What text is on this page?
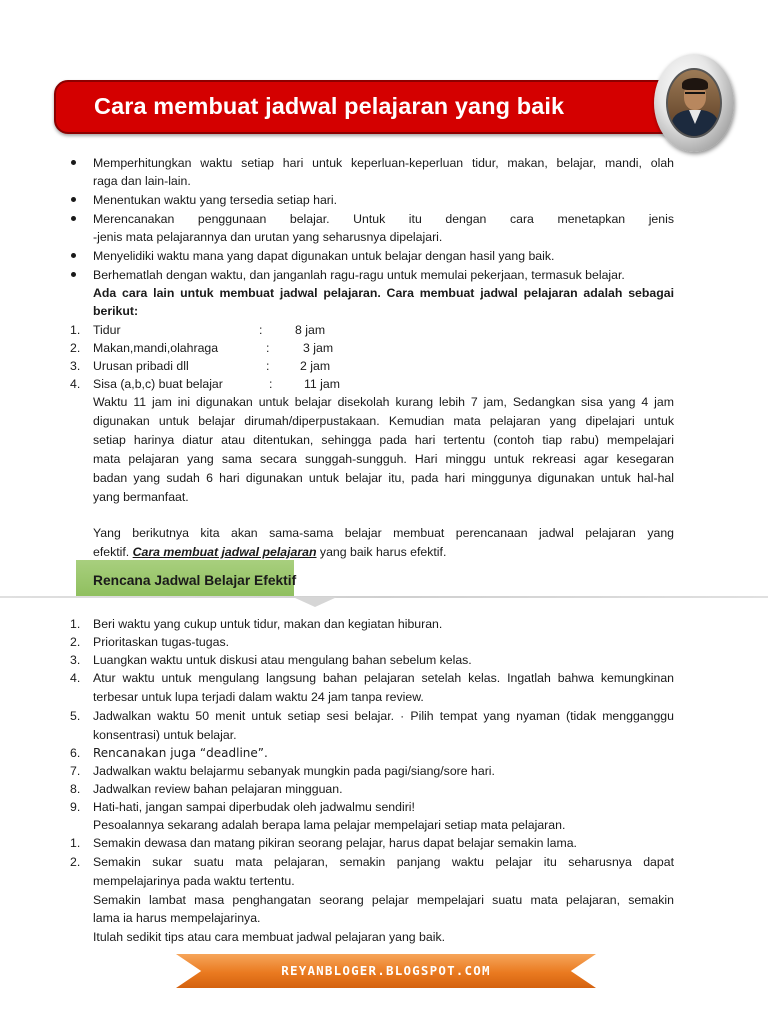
Cara membuat jadwal pelajaran yang baik
Memperhitungkan waktu setiap hari untuk keperluan-keperluan tidur, makan, belajar, mandi, olah
raga dan lain-lain.
Menentukan waktu yang tersedia setiap hari.
Merencanakan penggunaan belajar. Untuk itu dengan cara menetapkan jenis
-jenis mata pelajarannya dan urutan yang seharusnya dipelajari.
Menyelidiki waktu mana yang dapat digunakan untuk belajar dengan hasil yang baik.
Berhematlah dengan waktu, dan janganlah ragu-ragu untuk memulai pekerjaan, termasuk belajar.
Ada cara lain untuk membuat jadwal pelajaran. Cara membuat jadwal pelajaran adalah sebagai
berikut:
1. Tidur	:	8 jam
2. Makan,mandi,olahraga	:	3 jam
3. Urusan pribadi dll	: 2 jam
4. Sisa (a,b,c) buat belajar	:	11 jam
Waktu 11 jam ini digunakan untuk belajar disekolah kurang lebih 7 jam, Sedangkan sisa yang 4 jam
digunakan untuk belajar dirumah/diperpustakaan. Kemudian mata pelajaran yang dipelajari untuk
setiap harinya diatur atau ditentukan, sehingga pada hari tertentu (contoh tiap rabu) mempelajari
mata pelajaran yang sama secara sunggah-sungguh. Hari minggu untuk rekreasi agar kesegaran
badan yang sudah 6 hari digunakan untuk belajar itu, pada hari minggunya digunakan untuk hal-hal
yang bermanfaat.
Yang berikutnya kita akan sama-sama belajar membuat perencanaan jadwal pelajaran yang
efektif. Cara membuat jadwal pelajaran yang baik harus efektif.
Rencana Jadwal Belajar Efektif
1. Beri waktu yang cukup untuk tidur, makan dan kegiatan hiburan.
2. Prioritaskan tugas-tugas.
3. Luangkan waktu untuk diskusi atau mengulang bahan sebelum kelas.
4. Atur waktu untuk mengulang langsung bahan pelajaran setelah kelas. Ingatlah bahwa kemungkinan
terbesar untuk lupa terjadi dalam waktu 24 jam tanpa review.
5. Jadwalkan waktu 50 menit untuk setiap sesi belajar. · Pilih tempat yang nyaman (tidak mengganggu
konsentrasi) untuk belajar.
6. Rencanakan juga “deadline”.
7. Jadwalkan waktu belajarmu sebanyak mungkin pada pagi/siang/sore hari.
8. Jadwalkan review bahan pelajaran mingguan.
9. Hati-hati, jangan sampai diperbudak oleh jadwalmu sendiri!
Pesoalannya sekarang adalah berapa lama pelajar mempelajari setiap mata pelajaran.
1. Semakin dewasa dan matang pikiran seorang pelajar, harus dapat belajar semakin lama.
2. Semakin sukar suatu mata pelajaran, semakin panjang waktu pelajar itu seharusnya dapat
mempelajarinya pada waktu tertentu.
Semakin lambat masa penghangatan seorang pelajar mempelajari suatu mata pelajaran, semakin
lama ia harus mempelajarinya.
Itulah sedikit tips atau cara membuat jadwal pelajaran yang baik.
REYANBLOGER.BLOGSPOT.COM
